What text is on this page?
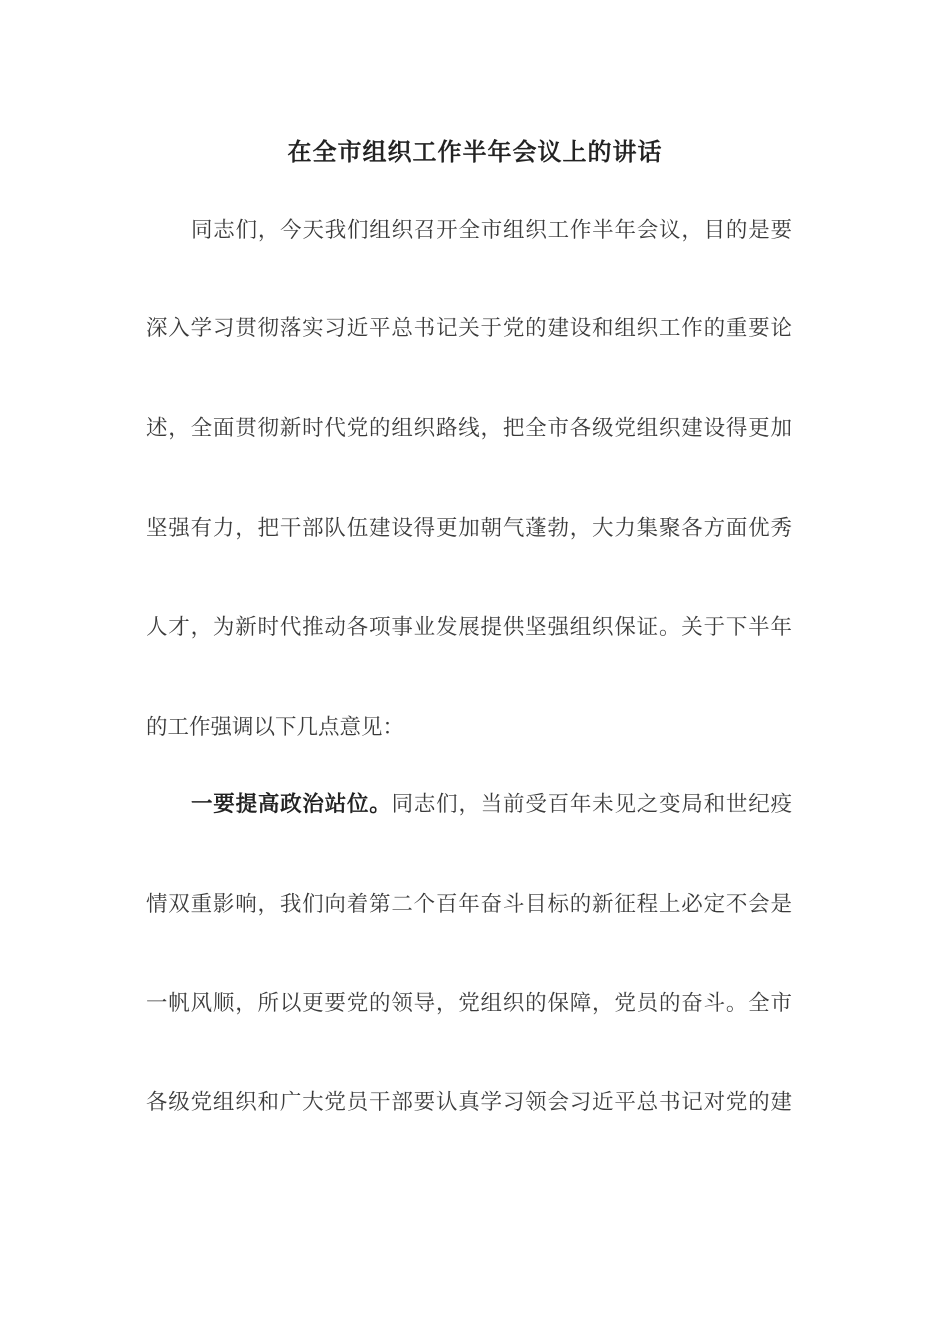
在全市组织工作半年会议上的讲话
同志们，今天我们组织召开全市组织工作半年会议，目的是要
深入学习贯彻落实习近平总书记关于党的建设和组织工作的重要论
述，全面贯彻新时代党的组织路线，把全市各级党组织建设得更加
坚强有力，把干部队伍建设得更加朝气蓬勃，大力集聚各方面优秀
人才，为新时代推动各项事业发展提供坚强组织保证。关于下半年
的工作强调以下几点意见：
一要提高政治站位。同志们，当前受百年未见之变局和世纪疫
情双重影响，我们向着第二个百年奋斗目标的新征程上必定不会是
一帆风顺，所以更要党的领导，党组织的保障，党员的奋斗。全市
各级党组织和广大党员干部要认真学习领会习近平总书记对党的建
